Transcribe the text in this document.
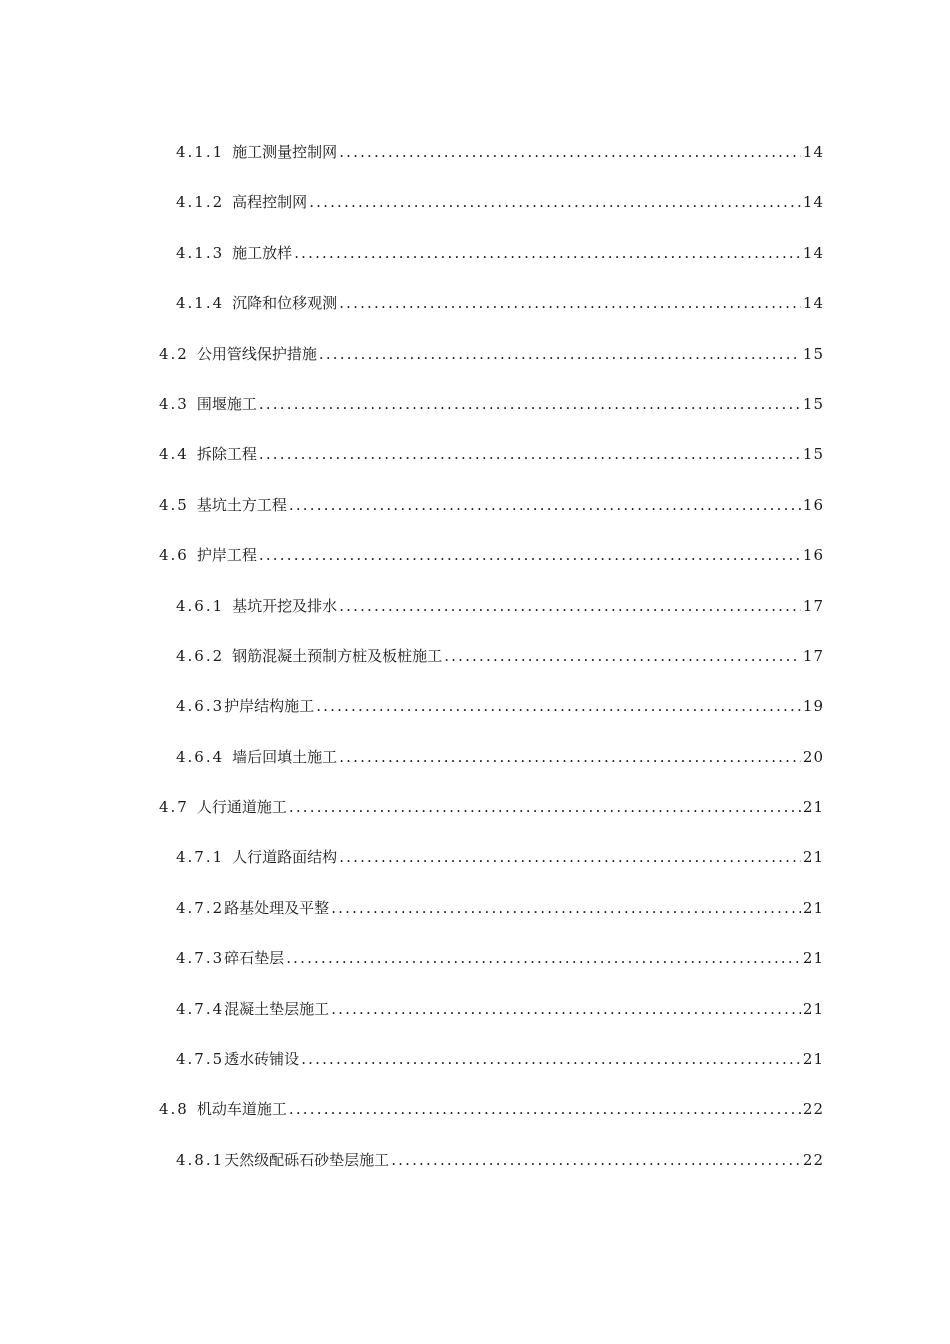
4.1.1 施工测量控制网 .....	14
4.1.2 高程控制网 .....	14
4.1.3 施工放样 .....	14
4.1.4 沉降和位移观测 .....	14
4.2 公用管线保护措施 .....	15
4.3 围堰施工 .....	15
4.4 拆除工程 .....	15
4.5 基坑土方工程 .....	16
4.6 护岸工程 .....	16
4.6.1 基坑开挖及排水 .....	17
4.6.2 钢筋混凝土预制方桩及板桩施工 .....	17
4.6.3 护岸结构施工 .....	19
4.6.4 墙后回填土施工 .....	20
4.7 人行通道施工 .....	21
4.7.1 人行道路面结构 .....	21
4.7.2 路基处理及平整 .....	21
4.7.3 碎石垫层 .....	21
4.7.4 混凝土垫层施工 .....	21
4.7.5 透水砖铺设 .....	21
4.8 机动车道施工 .....	22
4.8.1 天然级配砾石砂垫层施工 .....	22
